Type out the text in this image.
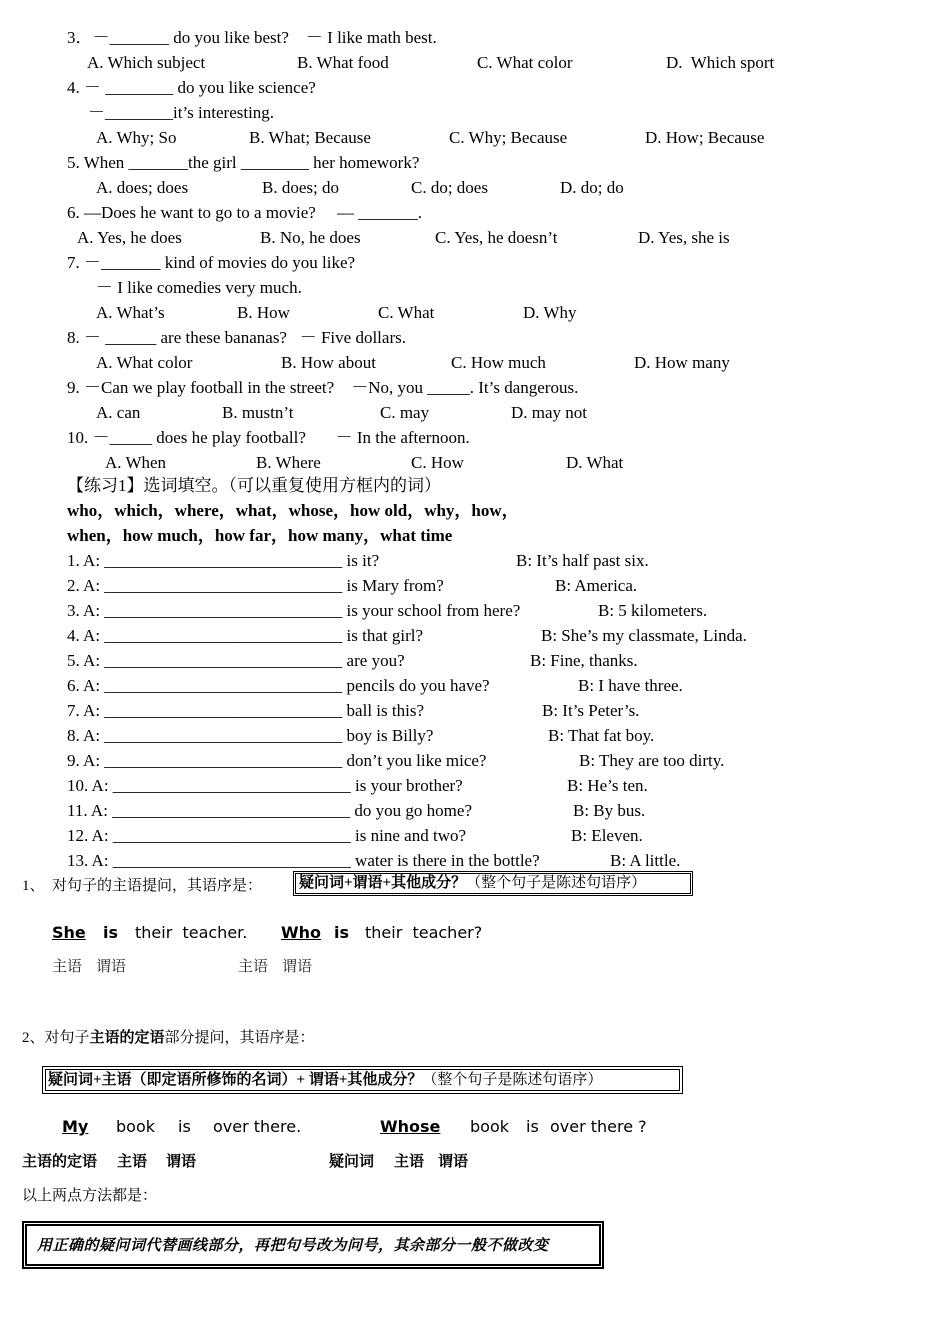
3．－_______ do you like best?    － I like math best.
A. Which subject	B. What food	C. What color	D.  Which sport
4. － ________ do you like science?
－________it’s interesting.
A. Why; So	B. What; Because	C. Why; Because	D. How; Because
5. When _______the girl ________ her homework?
A. does; does	B. does; do	C. do; does	D. do; do
6. —Does he want to go to a movie?     — _______.
A. Yes, he does	B. No, he does	C. Yes, he doesn’t	D. Yes, she is
7. －_______ kind of movies do you like?
－ I like comedies very much.
A. What’s	B. How	C. What	D. Why
8. － ______ are these bananas?   － Five dollars.
A. What color	B. How about	C. How much	D. How many
9. －Can we play football in the street?    －No, you _____. It’s dangerous.
A. can	B. mustn’t	C. may	D. may not
10. －_____ does he play football?       － In the afternoon.
A. When	B. Where	C. How	D. What
【练习1】选词填空。（可以重复使用方框内的词）
who，which，where，what，whose，how old，why，how，
when，how much，how far，how many，what time
1. A: ____________________________ is it?	B: It’s half past six.
2. A: ____________________________ is Mary from?	B: America.
3. A: ____________________________ is your school from here?	B: 5 kilometers.
4. A: ____________________________ is that girl?	B: She’s my classmate, Linda.
5. A: ____________________________ are you?	B: Fine, thanks.
6. A: ____________________________ pencils do you have?	B: I have three.
7. A: ____________________________ ball is this?	B: It’s Peter’s.
8. A: ____________________________ boy is Billy?	B: That fat boy.
9. A: ____________________________ don’t you like mice?	B: They are too dirty.
10. A: ____________________________ is your brother?	B: He’s ten.
11. A: ____________________________ do you go home?	B: By bus.
12. A: ____________________________ is nine and two?	B: Eleven.
13. A: ____________________________ water is there in the bottle?	B: A little.
1、  对句子的主语提问，其语序是：	疑问词+谓语+其他成分？（整个句子是陈述句语序）
She is their  teacher. Who is their  teacher?
主语 谓语	主语 谓语
2、对句子主语的定语部分提问，其语序是：
疑问词+主语（即定语所修饰的名词）+ 谓语+其他成分？（整个句子是陈述句语序）
My book is over there.	Whose book is over there ?
主语的定语 主语 谓语	疑问词 主语 谓语
以上两点方法都是：
用正确的疑问词代替画线部分，再把句号改为问号，其余部分一般不做改变
